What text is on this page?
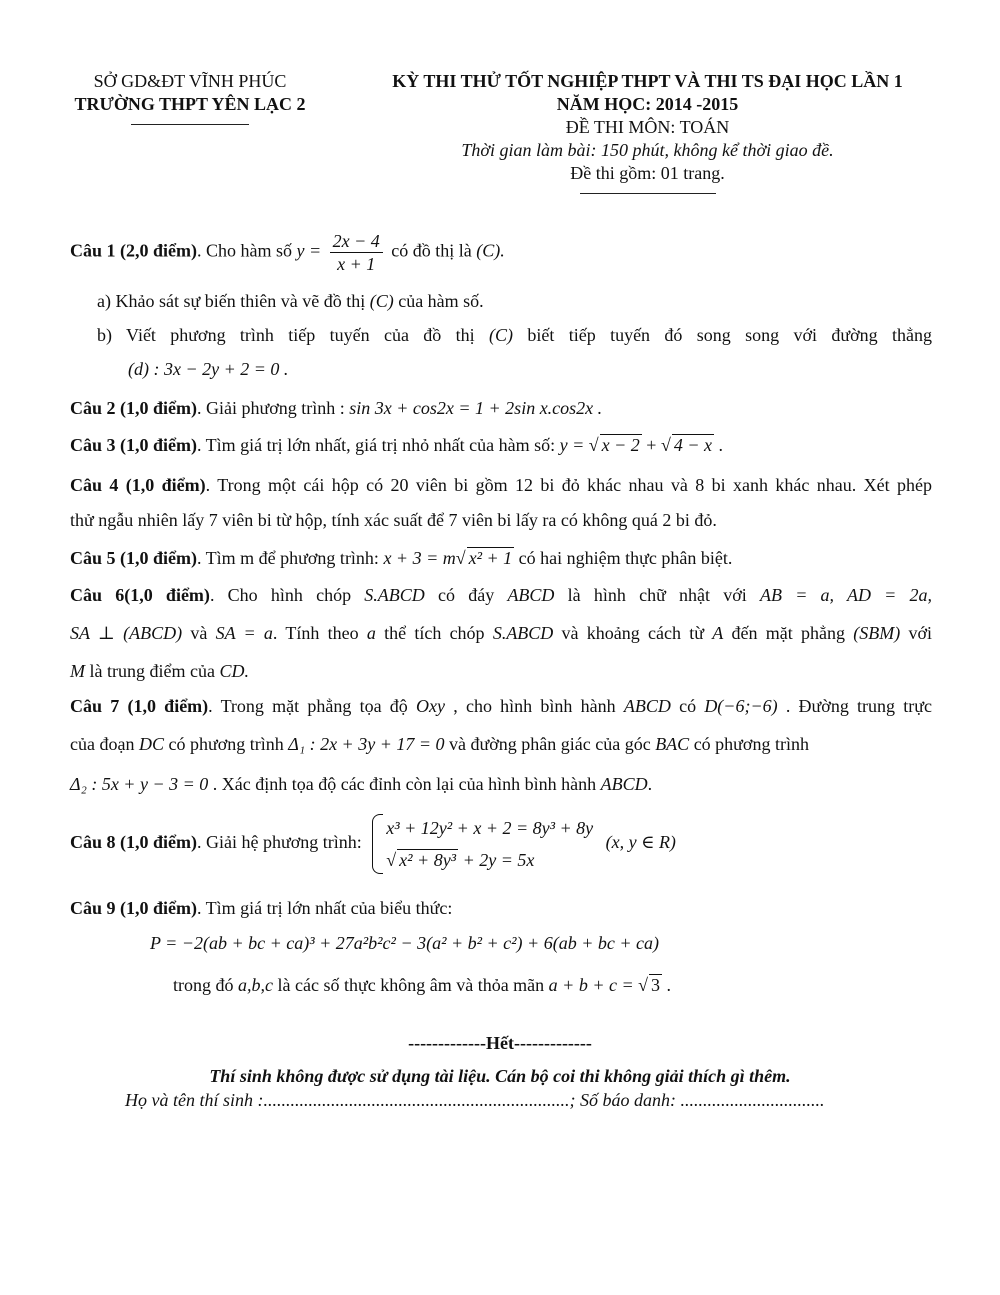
SỞ GD&ĐT VĨNH PHÚC
TRƯỜNG THPT YÊN LẠC 2
KỲ THI THỬ TỐT NGHIỆP THPT VÀ THI TS ĐẠI HỌC LẦN 1
NĂM HỌC: 2014 -2015
ĐỀ THI MÔN: TOÁN
Thời gian làm bài: 150 phút, không kể thời giao đề.
Đề thi gồm: 01 trang.
Câu 1 (2,0 điểm). Cho hàm số $y = \frac{2x - 4}{x + 1}$ có đồ thị là (C).
a) Khảo sát sự biến thiên và vẽ đồ thị (C) của hàm số.
b) Viết phương trình tiếp tuyến của đồ thị (C) biết tiếp tuyến đó song song với đường thẳng
(d) : 3x − 2y + 2 = 0 .
Câu 2 (1,0 điểm). Giải phương trình : sin 3x + cos2x = 1 + 2sin x.cos2x .
Câu 3 (1,0 điểm). Tìm giá trị lớn nhất, giá trị nhỏ nhất của hàm số: y = √ x − 2 + √ 4 − x .
Câu 4 (1,0 điểm). Trong một cái hộp có 20 viên bi gồm 12 bi đỏ khác nhau và 8 bi xanh khác nhau. Xét phép
thử ngẫu nhiên lấy 7 viên bi từ hộp, tính xác suất để 7 viên bi lấy ra có không quá 2 bi đỏ.
Câu 5 (1,0 điểm). Tìm m để phương trình: x + 3 = m√ x² + 1 có hai nghiệm thực phân biệt.
Câu 6(1,0 điểm). Cho hình chóp S.ABCD có đáy ABCD là hình chữ nhật với AB = a, AD = 2a,
SA ⊥ (ABCD) và SA = a. Tính theo a thể tích chóp S.ABCD và khoảng cách từ A đến mặt phẳng (SBM) với
M là trung điểm của CD.
Câu 7 (1,0 điểm). Trong mặt phẳng tọa độ Oxy , cho hình bình hành ABCD có D(−6;−6) . Đường trung trực
của đoạn DC có phương trình Δ₁ : 2x + 3y + 17 = 0 và đường phân giác của góc BAC có phương trình
Δ₂ : 5x + y − 3 = 0 . Xác định tọa độ các đỉnh còn lại của hình bình hành ABCD.
Câu 8 (1,0 điểm). Giải hệ phương trình:
x³ + 12y² + x + 2 = 8y³ + 8y
√ x² + 8y³ + 2y = 5x
(x, y ∈ R)
Câu 9 (1,0 điểm). Tìm giá trị lớn nhất của biểu thức:
P = −2(ab + bc + ca)³ + 27a²b²c² − 3(a² + b² + c²) + 6(ab + bc + ca)
trong đó a,b,c là các số thực không âm và thỏa mãn a + b + c = √ 3 .
-------------Hết-------------
Thí sinh không được sử dụng tài liệu. Cán bộ coi thi không giải thích gì thêm.
Họ và tên thí sinh :....................................................................; Số báo danh: ................................
